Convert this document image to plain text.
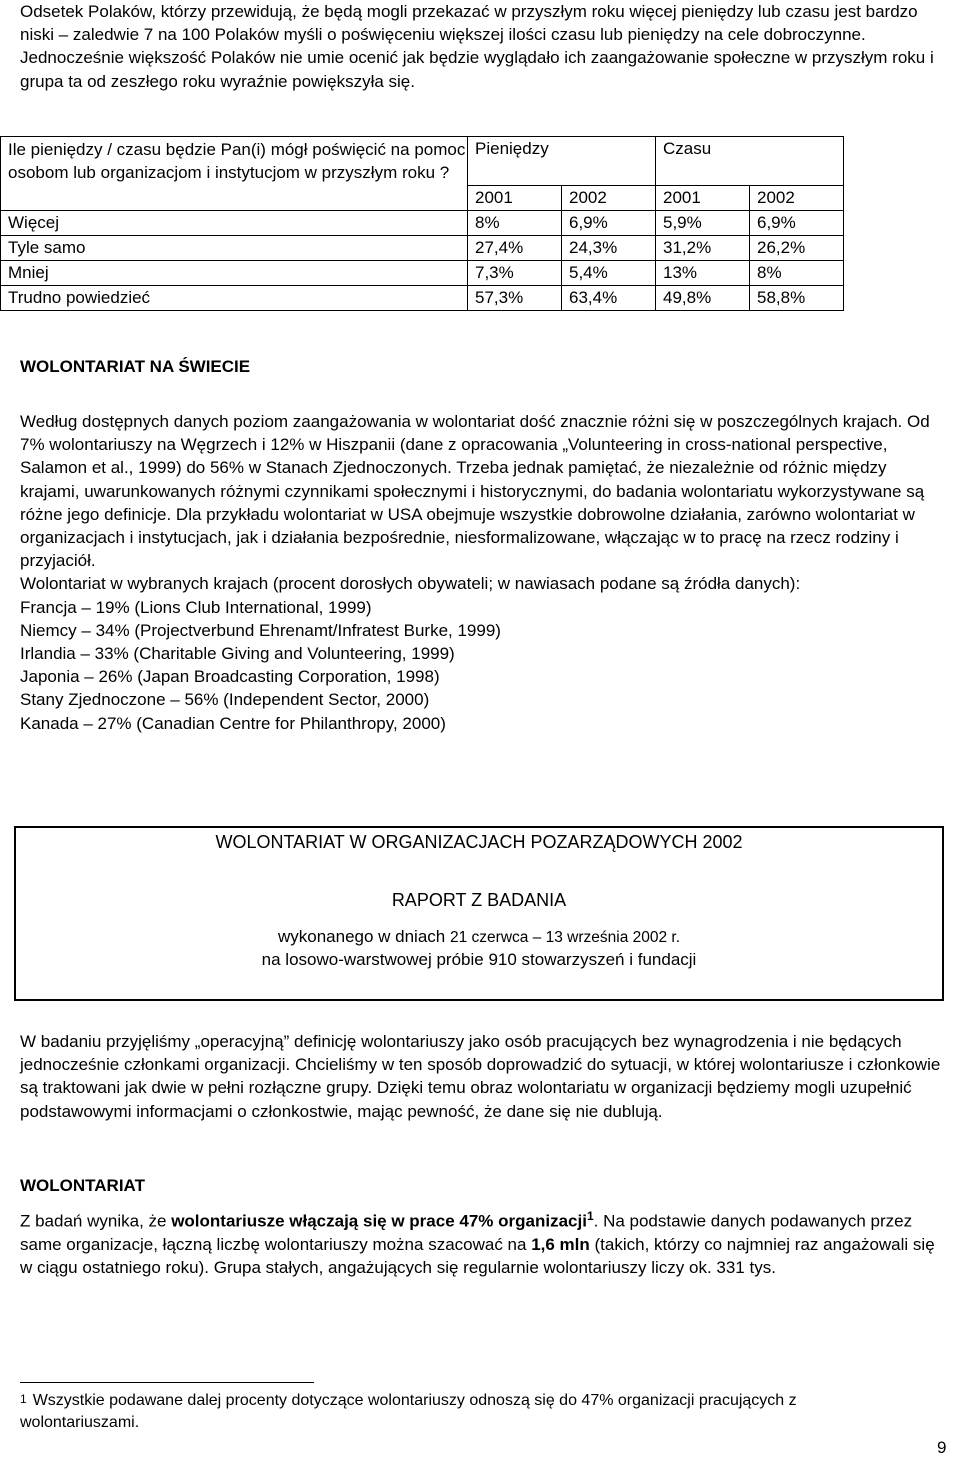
Odsetek Polaków, którzy przewidują, że będą mogli przekazać w przyszłym roku więcej pieniędzy lub czasu jest bardzo niski – zaledwie 7 na 100 Polaków myśli o poświęceniu większej ilości czasu lub pieniędzy na cele dobroczynne. Jednocześnie większość Polaków nie umie ocenić jak będzie wyglądało ich zaangażowanie społeczne w przyszłym roku i grupa ta od zeszłego roku wyraźnie powiększyła się.

Ile pieniędzy / czasu będzie Pan(i) mógł poświęcić na pomoc osobom lub organizacjom i instytucjom w przyszłym roku ?	Pieniędzy		Czasu	
	2001	2002	2001	2002
Więcej	8%	6,9%	5,9%	6,9%
Tyle samo	27,4%	24,3%	31,2%	26,2%
Mniej	7,3%	5,4%	13%	8%
Trudno powiedzieć	57,3%	63,4%	49,8%	58,8%

WOLONTARIAT NA ŚWIECIE

Według dostępnych danych poziom zaangażowania w wolontariat dość znacznie różni się w poszczególnych krajach. Od 7% wolontariuszy na Węgrzech i 12% w Hiszpanii (dane z opracowania „Volunteering in cross-national perspective, Salamon et al., 1999) do 56% w Stanach Zjednoczonych. Trzeba jednak pamiętać, że niezależnie od różnic między krajami, uwarunkowanych różnymi czynnikami społecznymi i historycznymi, do badania wolontariatu wykorzystywane są różne jego definicje. Dla przykładu wolontariat w USA obejmuje wszystkie dobrowolne działania, zarówno wolontariat w organizacjach i instytucjach, jak i działania bezpośrednie, niesformalizowane, włączając w to pracę na rzecz rodziny i przyjaciół.

Wolontariat w wybranych krajach (procent dorosłych obywateli; w nawiasach podane są źródła danych):

Francja – 19% (Lions Club International, 1999)

Niemcy – 34% (Projectverbund Ehrenamt/Infratest Burke, 1999)

Irlandia – 33% (Charitable Giving and Volunteering, 1999)

Japonia – 26% (Japan Broadcasting Corporation, 1998)

Stany Zjednoczone – 56% (Independent Sector, 2000)

Kanada – 27% (Canadian Centre for Philanthropy, 2000)

WOLONTARIAT W ORGANIZACJACH POZARZĄDOWYCH 2002

RAPORT Z BADANIA

wykonanego w dniach 21 czerwca – 13 września 2002 r.

na losowo-warstwowej próbie 910 stowarzyszeń i fundacji

W badaniu przyjęliśmy „operacyjną” definicję wolontariuszy jako osób pracujących bez wynagrodzenia i nie będących jednocześnie członkami organizacji. Chcieliśmy w ten sposób doprowadzić do sytuacji, w której wolontariusze i członkowie są traktowani jak dwie w pełni rozłączne grupy. Dzięki temu obraz wolontariatu w organizacji będziemy mogli uzupełnić podstawowymi informacjami o członkostwie, mając pewność, że dane się nie dublują.

WOLONTARIAT

Z badań wynika, że wolontariusze włączają się w prace 47% organizacji$^1$. Na podstawie danych podawanych przez same organizacje, łączną liczbę wolontariuszy można szacować na 1,6 mln (takich, którzy co najmniej raz angażowali się w ciągu ostatniego roku). Grupa stałych, angażujących się regularnie wolontariuszy liczy ok. 331 tys.

$^1$ Wszystkie podawane dalej procenty dotyczące wolontariuszy odnoszą się do 47% organizacji pracujących z wolontariuszami.

9
